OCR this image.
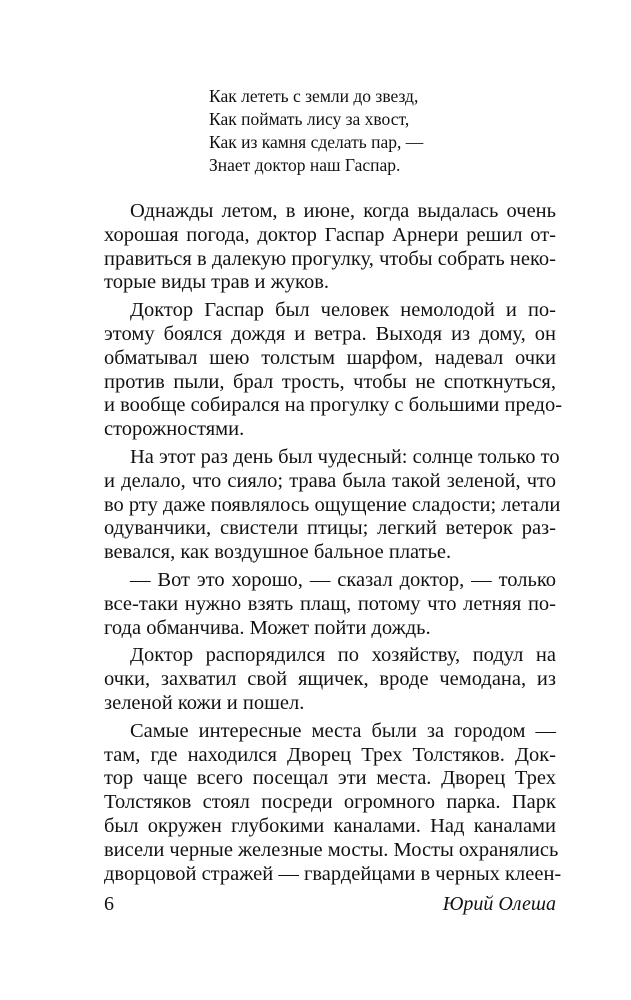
Как лететь с земли до звезд,
Как поймать лису за хвост,
Как из камня сделать пар, —
Знает доктор наш Гаспар.
Однажды летом, в июне, когда выдалась очень
хорошая погода, доктор Гаспар Арнери решил от-
правиться в далекую прогулку, чтобы собрать неко-
торые виды трав и жуков.
Доктор Гаспар был человек немолодой и по-
этому боялся дождя и ветра. Выходя из дому, он
обматывал шею толстым шарфом, надевал очки
против пыли, брал трость, чтобы не споткнуться,
и вообще собирался на прогулку с большими предо-
сторожностями.
На этот раз день был чудесный: солнце только то
и делало, что сияло; трава была такой зеленой, что
во рту даже появлялось ощущение сладости; летали
одуванчики, свистели птицы; легкий ветерок раз-
вевался, как воздушное бальное платье.
— Вот это хорошо, — сказал доктор, — только
все-таки нужно взять плащ, потому что летняя по-
года обманчива. Может пойти дождь.
Доктор распорядился по хозяйству, подул на
очки, захватил свой ящичек, вроде чемодана, из
зеленой кожи и пошел.
Самые интересные места были за городом —
там, где находился Дворец Трех Толстяков. Док-
тор чаще всего посещал эти места. Дворец Трех
Толстяков стоял посреди огромного парка. Парк
был окружен глубокими каналами. Над каналами
висели черные железные мосты. Мосты охранялись
дворцовой стражей — гвардейцами в черных клеен-
6	Юрий Олеша
